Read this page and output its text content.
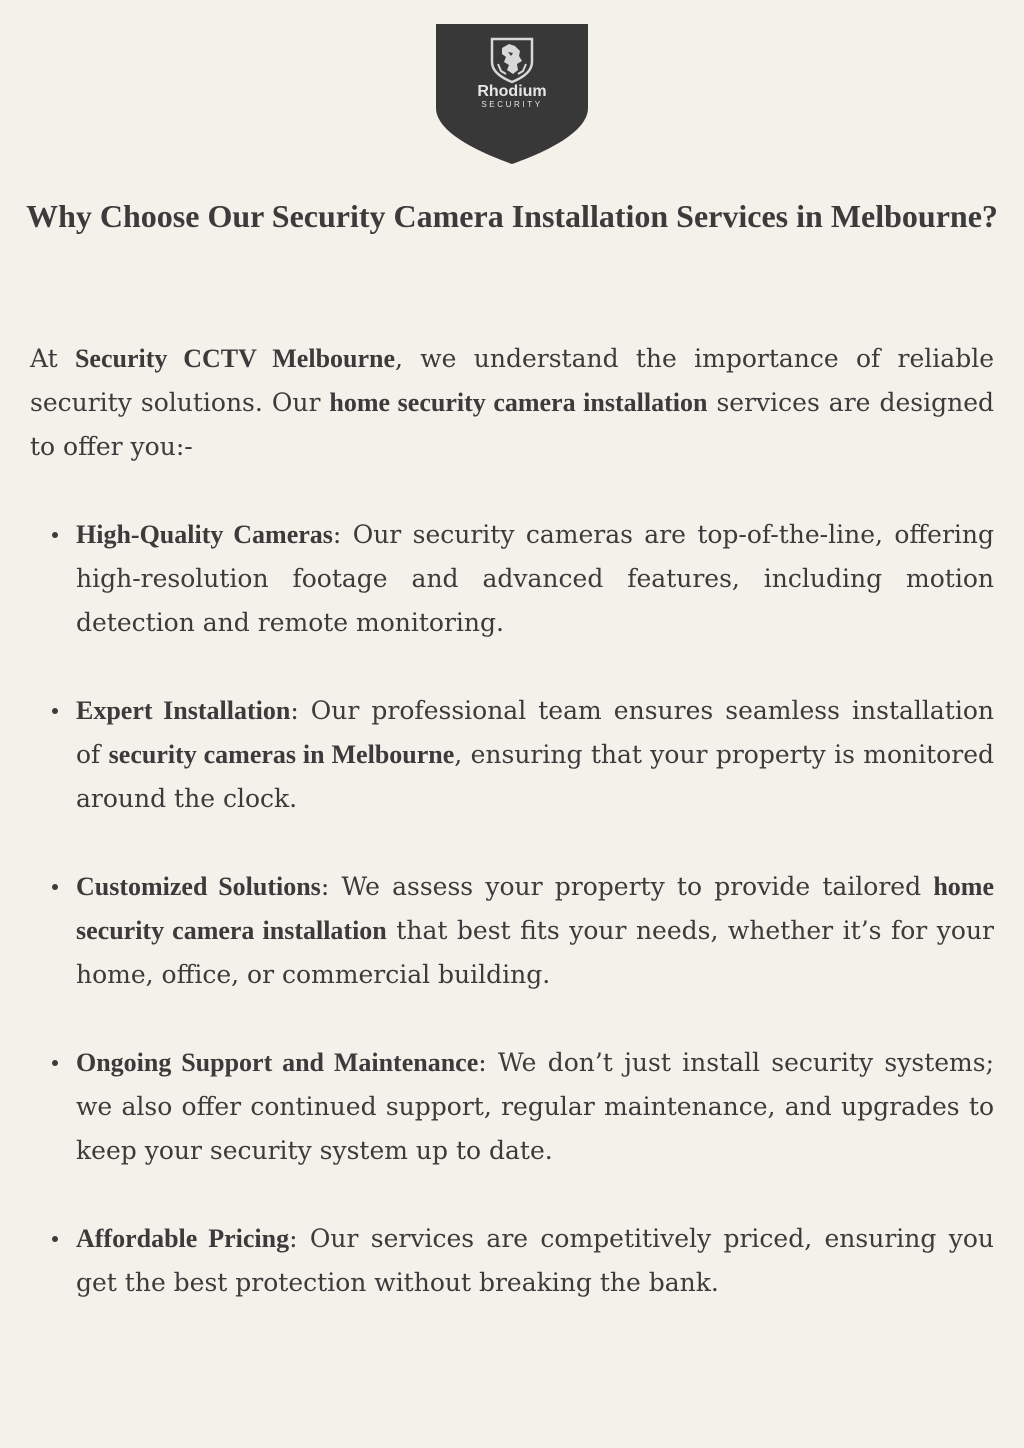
Rhodium
SECURITY
Why Choose Our Security Camera Installation Services in Melbourne?

At Security CCTV Melbourne, we understand the importance of reliable security solutions. Our home security camera installation services are designed to offer you:-

High-Quality Cameras: Our security cameras are top-of-the-line, offering high-resolution footage and advanced features, including motion detection and remote monitoring.
Expert Installation: Our professional team ensures seamless installation of security cameras in Melbourne, ensuring that your property is monitored around the clock.
Customized Solutions: We assess your property to provide tailored home security camera installation that best fits your needs, whether it’s for your home, office, or commercial building.
Ongoing Support and Maintenance: We don’t just install security systems; we also offer continued support, regular maintenance, and upgrades to keep your security system up to date.
Affordable Pricing: Our services are competitively priced, ensuring you get the best protection without breaking the bank.
